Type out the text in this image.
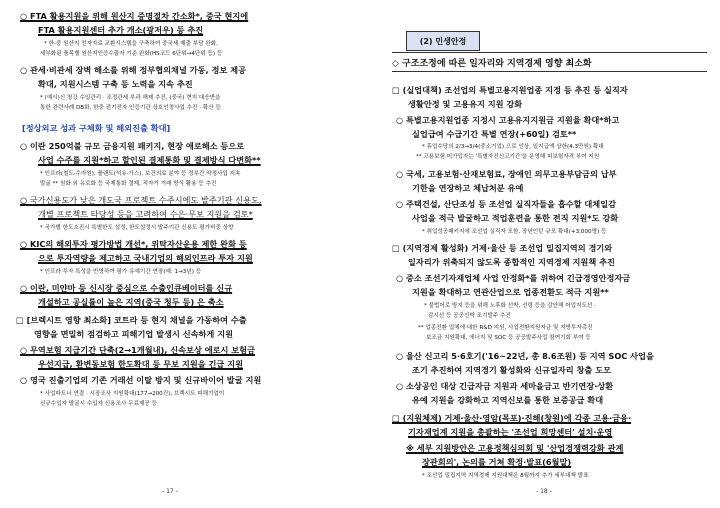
○ FTA 활용지원을 위해 원산지 증명절차 간소화*, 중국 현지에
FTA 활용지원센터 추가 개소(광저우) 등 추진
* 한-중 원산지 전자자료 교환시스템을 구축하여 중국세 제출 부담 완화,
세부화된 품목별 원산지인증수출자 기준 완화(HS코드 6단위→4단위 등) 등
○ 관세·비관세 장벽 해소를 위해 정부협의채널 가동, 정보 제공
확대, 지원시스템 구축 등 노력을 지속 추진
* (예시)신 청강 수입관리 · 조정관세 부과 해제 추진, (중국) 현지 대응반을
통한 관련사례 DB화, 한중 전기전자 인증기관 상호인정사업 추진 · 확산 등
[정상외교 성과 구체화 및 해외진출 확대]
○ 이란 250억불 규모 금융지원 패키지, 현장 애로해소 등으로
사업 수주를 지원*하고 할인된 결제통화 및 결제방식 다변화**
* 인프라(철도·수자원), 플랜트(석유·가스), 보건의료 분야 등 정부간 약정사업 지속
발굴 ** 원화 외 유로화 등 국제통화 결제, 적자거 거래 방식 활용 등 추진
○ 국가신용도가 낮은 개도국 프로젝트 수주시에도 발주기관 신용도,
개별 프로젝트 타당성 등을 고려하여 수은·무보 지원을 검토*
* 국가별 한도소진시 특별한도 설정, 한도설정시 발주기관 신용도 평가비중 상향
○ KIC의 해외투자 평가방법 개선*, 위탁자산운용 제한 완화 등
으로 투자역량을 제고하고 국내기업의 해외인프라 투자 지원
* 인프라 투자 특성을 반영하여 평가 유예기간 연장(예: 1→3년) 등
○ 이란, 미얀마 등 신시장 중심으로 수출인큐베이터를 신규
개설하고 공실률이 높은 지역(중국 청두 등) 은 축소
□ [브렉시트 영향 최소화] 코트라 등 현지 채널을 가동하여 수출
영향을 면밀히 점검하고 피해기업 발생시 신속하게 지원
○ 무역보험 지급기간 단축(2→1개월내), 신속보상 에로시 보험금
우선지급, 환변동보험 한도확대 등 무보 지원을 긴급 지원
○ 영국 진출기업의 기존 거래선 이탈 방지 및 신규바이어 발굴 지원
* 사업파트너 연결 · 시장조사 지원확대(177→200건), 브렉시트 피해기업이
신규수입자 발굴시 수입자 신용조사 무료제공 등
- 17 -
(2) 민생안정
◇ 구조조정에 따른 일자리와 지역경제 영향 최소화
□ (실업대책) 조선업의 특별고용지원업종 지정 등 추진 등 실직자
생활안정 및 고용유지 지원 강화
○ 특별고용지원업종 지정시 고용유지지원금 지원율 확대*하고
실업급여 수급기간 특별 연장(+60일) 검토**
* 휴업수당의 2/3→3/4(중소기업) 으로 인상, 일지급액 상한(4.3만원) 확대
** 고용보험 미가입자는 '특별자진신고기간'을 운영해 피보험자격 부여 지원
○ 국세, 고용보험·산재보험료, 장애인 의무고용부담금의 납부
기한을 연장하고 체납처분 유예
○ 주택건설, 산단조성 등 조선업 실직자들을 흡수할 대체일감
사업을 적극 발굴하고 적업훈련을 통한 전직 지원*도 강화
* 취업성공패키지에 조선업 실직자 포함, 장년인턴 규모 확대(+3,000명) 등
□ (지역경제 활성화) 거제·울산 등 조선업 밀집지역의 경기와
일자리가 위축되지 않도록 종합적인 지역경제 지원책 추진
○ 중소 조선기자재업체 사업 안정화*를 위하여 긴급경영안정자금
지원을 확대하고 연관산업으로 업종전환도 적극 지원**
* 불법어로 방지 등을 위해 노후화 선박, 선령 등을 감안해 어업지도선 ·
감시선 등 공공선박 조기발주 추진
** 업종전환 업체에 대한 R&D 지원, 사업전환지원자금 및 지방투자촉진
보조금 지원확대, 에너지 및 SOC 등 공공발주사업 참여기회 부여 등
○ 울산 신고리 5·6호기('16~22년, 총 8.6조원) 등 지역 SOC 사업을
조기 추진하여 지역경기 활성화와 신규일자리 창출 도모
○ 소상공인 대상 긴급자금 지원과 세마을금고 반기연장·상환
유예 지원을 강화하고 지역신보를 통한 보증공급 확대
□ (지원체제) 거제·울산·영암(목포)·진해(창원)에 각종 고용·금융·
기자재업계 지원을 총괄하는 '조선업 희망센터' 설치·운영
※ 세부 지원방안은 고용정책심의회 및 '산업경쟁력강화 관계
장관회의', 논의를 거쳐 확정·발표(6월말)
* 조선업 밀집지역 지역경제 지원대책은 8월까지 추가 세부대책 발표
- 18 -
